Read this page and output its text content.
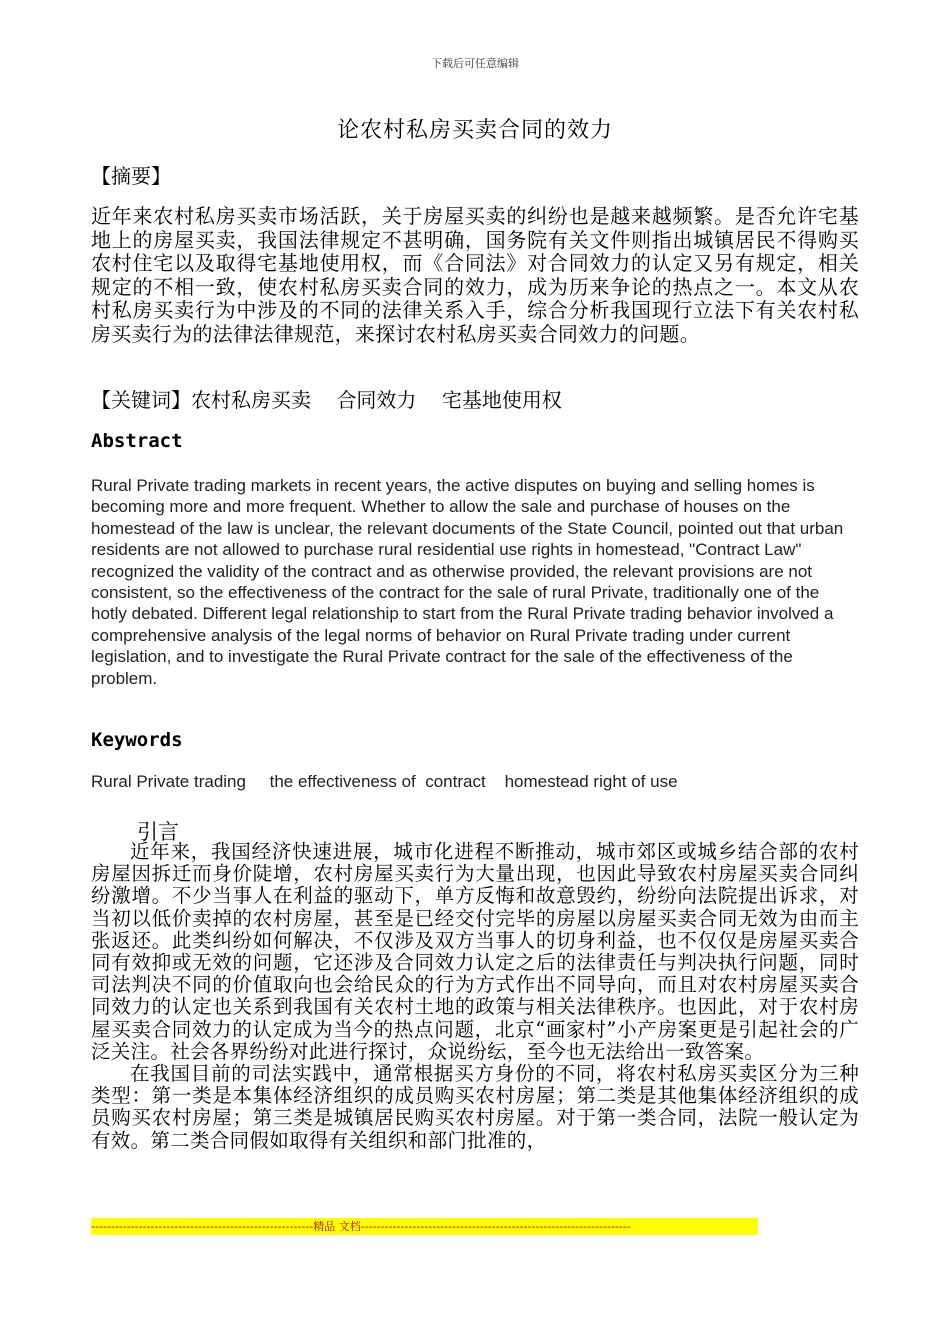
下载后可任意编辑
论农村私房买卖合同的效力
【摘要】
近年来农村私房买卖市场活跃，关于房屋买卖的纠纷也是越来越频繁。是否允许宅基地上的房屋买卖，我国法律规定不甚明确，国务院有关文件则指出城镇居民不得购买农村住宅以及取得宅基地使用权，而《合同法》对合同效力的认定又另有规定，相关规定的不相一致，使农村私房买卖合同的效力，成为历来争论的热点之一。本文从农村私房买卖行为中涉及的不同的法律关系入手，综合分析我国现行立法下有关农村私房买卖行为的法律法律规范，来探讨农村私房买卖合同效力的问题。
【关键词】农村私房买卖 合同效力 宅基地使用权
Abstract
Rural Private trading markets in recent years, the active disputes on buying and selling homes is becoming more and more frequent. Whether to allow the sale and purchase of houses on the homestead of the law is unclear, the relevant documents of the State Council, pointed out that urban residents are not allowed to purchase rural residential use rights in homestead, "Contract Law" recognized the validity of the contract and as otherwise provided, the relevant provisions are not consistent, so the effectiveness of the contract for the sale of rural Private, traditionally one of the hotly debated. Different legal relationship to start from the Rural Private trading behavior involved a comprehensive analysis of the legal norms of behavior on Rural Private trading under current legislation, and to investigate the Rural Private contract for the sale of the effectiveness of the problem.
Keywords
Rural Private trading the effectiveness of  contract homestead right of use
引言

近年来，我国经济快速进展，城市化进程不断推动，城市郊区或城乡结合部的农村房屋因拆迁而身价陡增，农村房屋买卖行为大量出现，也因此导致农村房屋买卖合同纠纷激增。不少当事人在利益的驱动下，单方反悔和故意毁约，纷纷向法院提出诉求，对当初以低价卖掉的农村房屋，甚至是已经交付完毕的房屋以房屋买卖合同无效为由而主张返还。此类纠纷如何解决，不仅涉及双方当事人的切身利益，也不仅仅是房屋买卖合同有效抑或无效的问题，它还涉及合同效力认定之后的法律责任与判决执行问题，同时司法判决不同的价值取向也会给民众的行为方式作出不同导向，而且对农村房屋买卖合同效力的认定也关系到我国有关农村土地的政策与相关法律秩序。也因此，对于农村房屋买卖合同效力的认定成为当今的热点问题，北京“画家村”小产房案更是引起社会的广泛关注。社会各界纷纷对此进行探讨，众说纷纭，至今也无法给出一致答案。

在我国目前的司法实践中，通常根据买方身份的不同，将农村私房买卖区分为三种类型：第一类是本集体经济组织的成员购买农村房屋；第二类是其他集体经济组织的成员购买农村房屋；第三类是城镇居民购买农村房屋。对于第一类合同，法院一般认定为有效。第二类合同假如取得有关组织和部门批准的，

--------------------------------------------------------精品 文档--------------------------------------------------------------------
